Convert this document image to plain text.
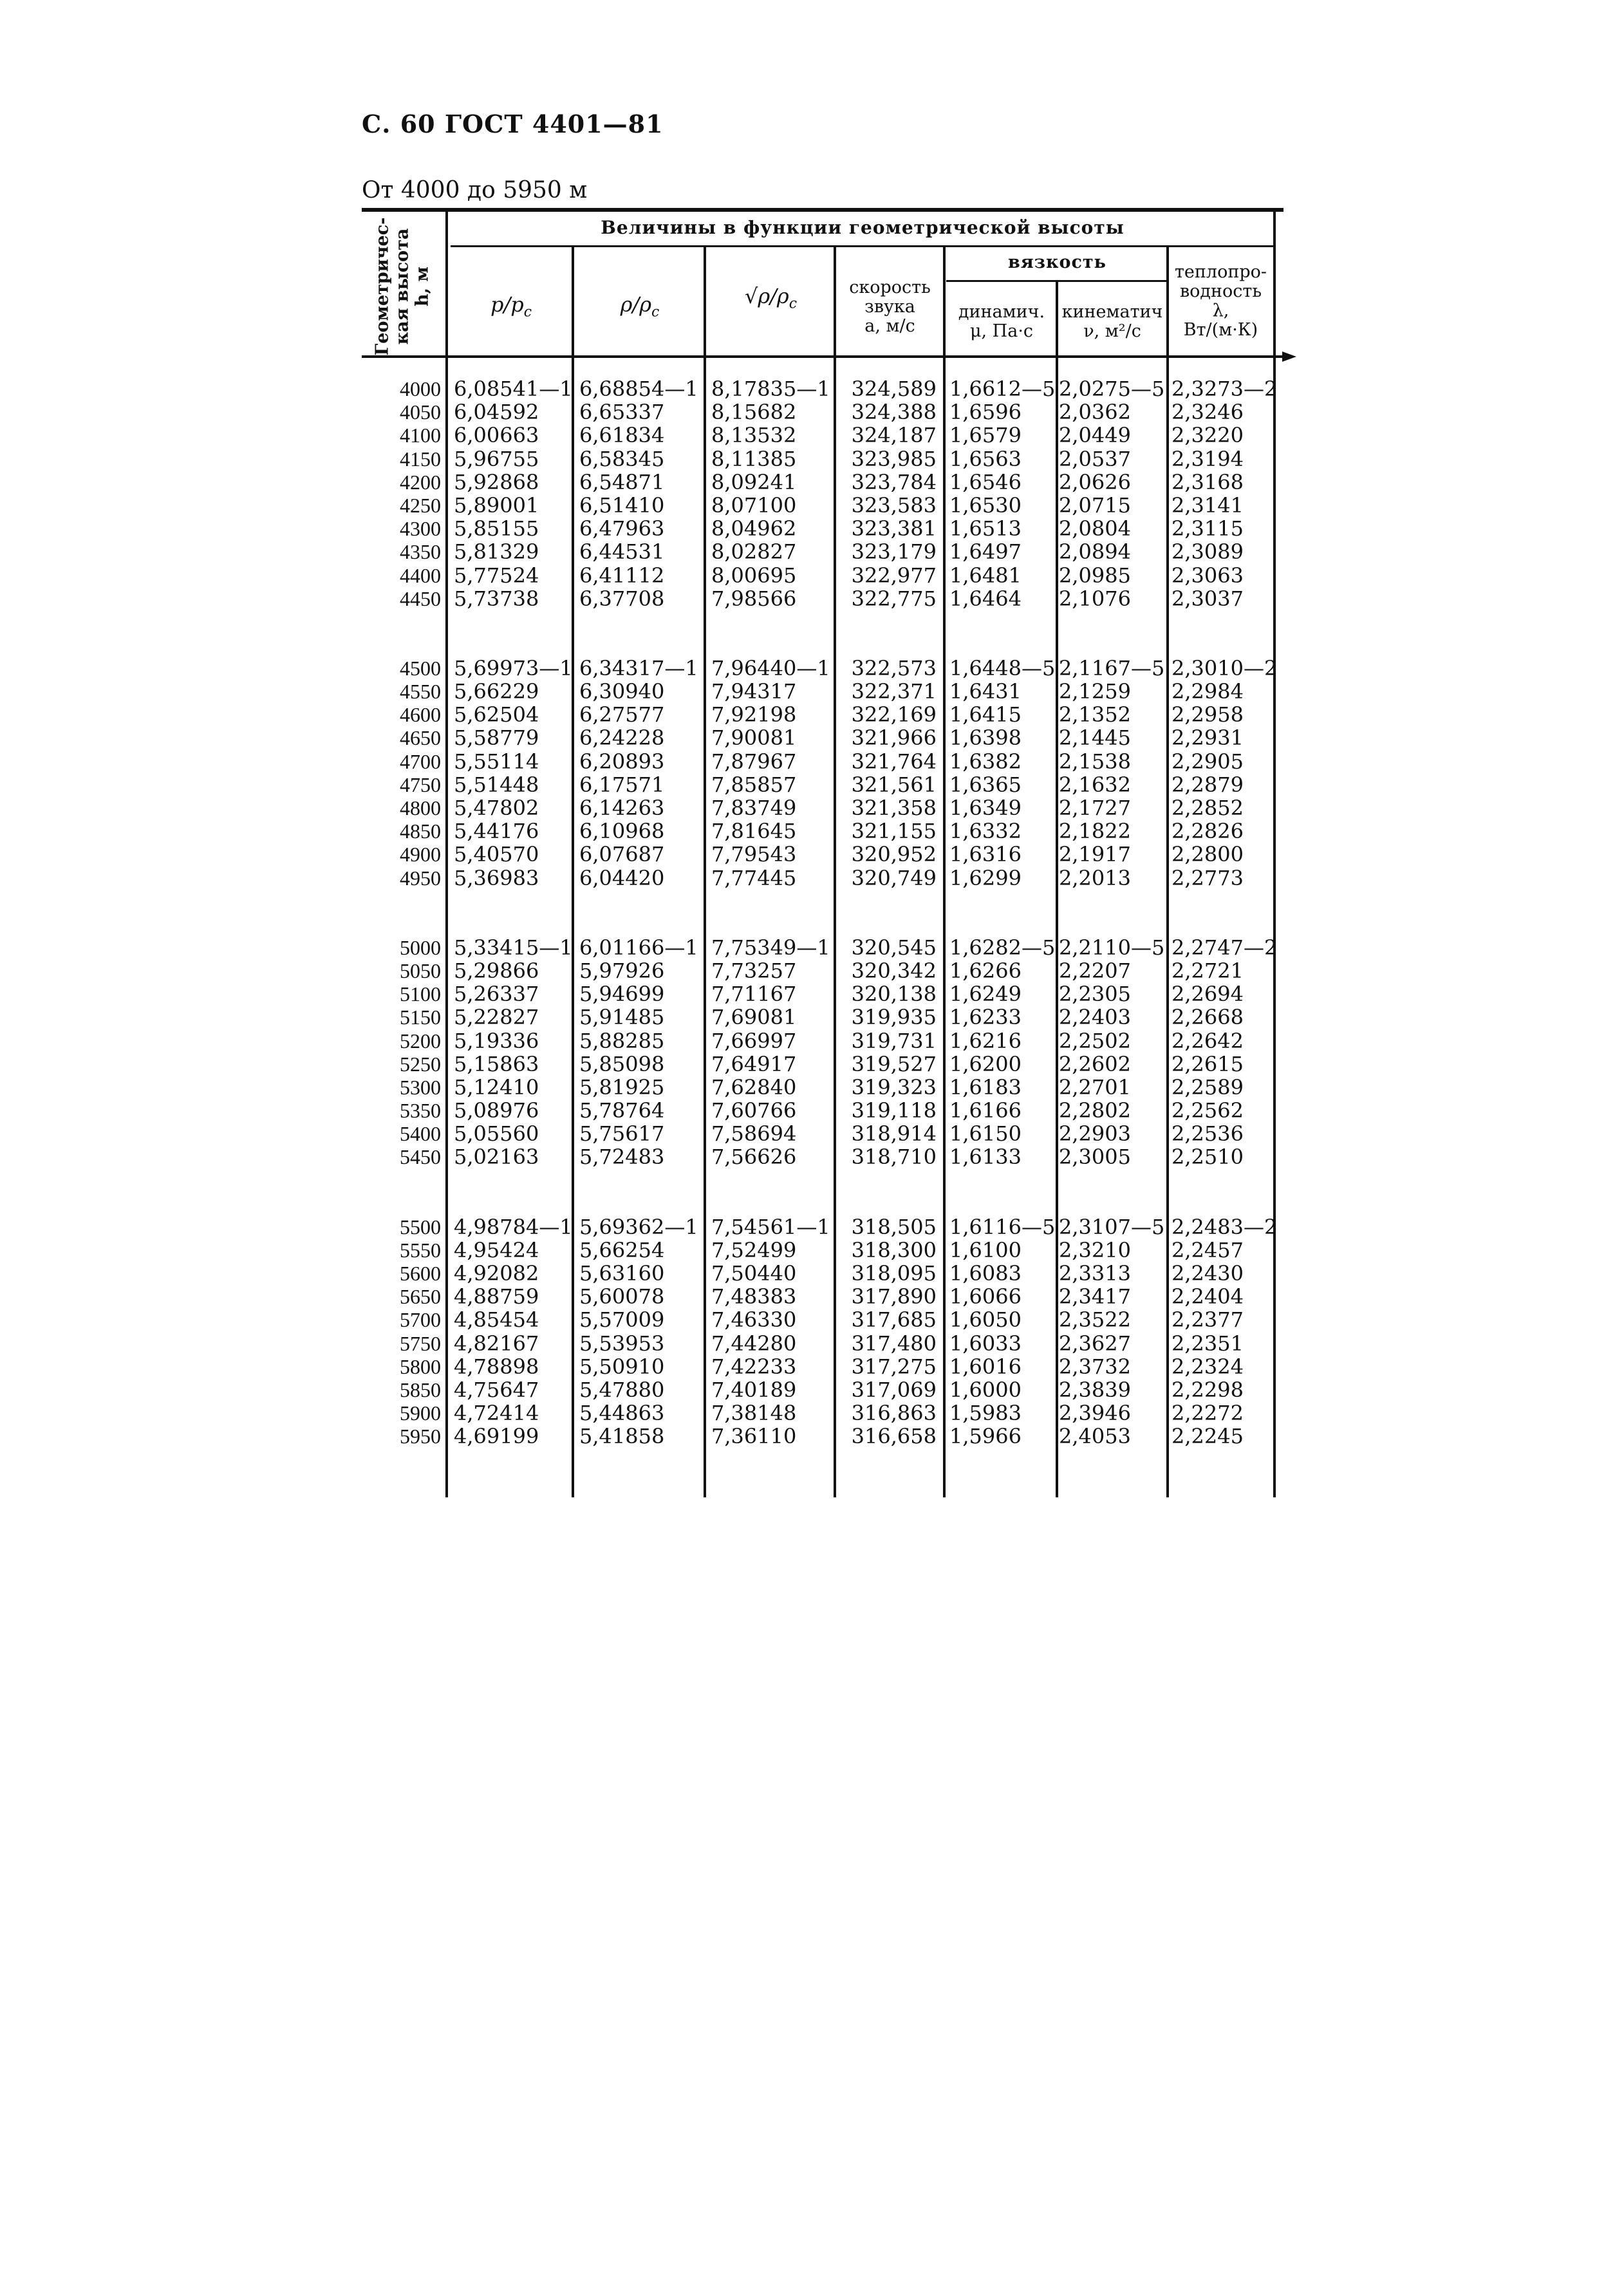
С. 60 ГОСТ 4401—81
От 4000 до 5950 м
Величины в функции геометрической высоты
вязкость
Геометричес-
кая высота
h, м
$p/p_с$	$\rho/\rho_с$
$√\rho/\rho_с$
скорость
звука
a, м/с
динамич.
μ, Па·с
кинематич
ν, м²/с
теплопро-
водность
λ,
Вт/(м·К)
4000
4050
4100
4150
4200
4250
4300
4350
4400
4450
4500
4550
4600
4650
4700
4750
4800
4850
4900
4950
5000
5050
5100
5150
5200
5250
5300
5350
5400
5450
5500
5550
5600
5650
5700
5750
5800
5850
5900
5950
6,08541—1
6,04592
6,00663
5,96755
5,92868
5,89001
5,85155
5,81329
5,77524
5,73738
5,69973—1
5,66229
5,62504
5,58779
5,55114
5,51448
5,47802
5,44176
5,40570
5,36983
5,33415—1
5,29866
5,26337
5,22827
5,19336
5,15863
5,12410
5,08976
5,05560
5,02163
4,98784—1
4,95424
4,92082
4,88759
4,85454
4,82167
4,78898
4,75647
4,72414
4,69199
6,68854—1
6,65337
6,61834
6,58345
6,54871
6,51410
6,47963
6,44531
6,41112
6,37708
6,34317—1
6,30940
6,27577
6,24228
6,20893
6,17571
6,14263
6,10968
6,07687
6,04420
6,01166—1
5,97926
5,94699
5,91485
5,88285
5,85098
5,81925
5,78764
5,75617
5,72483
5,69362—1
5,66254
5,63160
5,60078
5,57009
5,53953
5,50910
5,47880
5,44863
5,41858
8,17835—1
8,15682
8,13532
8,11385
8,09241
8,07100
8,04962
8,02827
8,00695
7,98566
7,96440—1
7,94317
7,92198
7,90081
7,87967
7,85857
7,83749
7,81645
7,79543
7,77445
7,75349—1
7,73257
7,71167
7,69081
7,66997
7,64917
7,62840
7,60766
7,58694
7,56626
7,54561—1
7,52499
7,50440
7,48383
7,46330
7,44280
7,42233
7,40189
7,38148
7,36110
324,589
324,388
324,187
323,985
323,784
323,583
323,381
323,179
322,977
322,775
322,573
322,371
322,169
321,966
321,764
321,561
321,358
321,155
320,952
320,749
320,545
320,342
320,138
319,935
319,731
319,527
319,323
319,118
318,914
318,710
318,505
318,300
318,095
317,890
317,685
317,480
317,275
317,069
316,863
316,658
1,6612—5
1,6596
1,6579
1,6563
1,6546
1,6530
1,6513
1,6497
1,6481
1,6464
1,6448—5
1,6431
1,6415
1,6398
1,6382
1,6365
1,6349
1,6332
1,6316
1,6299
1,6282—5
1,6266
1,6249
1,6233
1,6216
1,6200
1,6183
1,6166
1,6150
1,6133
1,6116—5
1,6100
1,6083
1,6066
1,6050
1,6033
1,6016
1,6000
1,5983
1,5966
2,0275—5
2,0362
2,0449
2,0537
2,0626
2,0715
2,0804
2,0894
2,0985
2,1076
2,1167—5
2,1259
2,1352
2,1445
2,1538
2,1632
2,1727
2,1822
2,1917
2,2013
2,2110—5
2,2207
2,2305
2,2403
2,2502
2,2602
2,2701
2,2802
2,2903
2,3005
2,3107—5
2,3210
2,3313
2,3417
2,3522
2,3627
2,3732
2,3839
2,3946
2,4053
2,3273—2
2,3246
2,3220
2,3194
2,3168
2,3141
2,3115
2,3089
2,3063
2,3037
2,3010—2
2,2984
2,2958
2,2931
2,2905
2,2879
2,2852
2,2826
2,2800
2,2773
2,2747—2
2,2721
2,2694
2,2668
2,2642
2,2615
2,2589
2,2562
2,2536
2,2510
2,2483—2
2,2457
2,2430
2,2404
2,2377
2,2351
2,2324
2,2298
2,2272
2,2245
